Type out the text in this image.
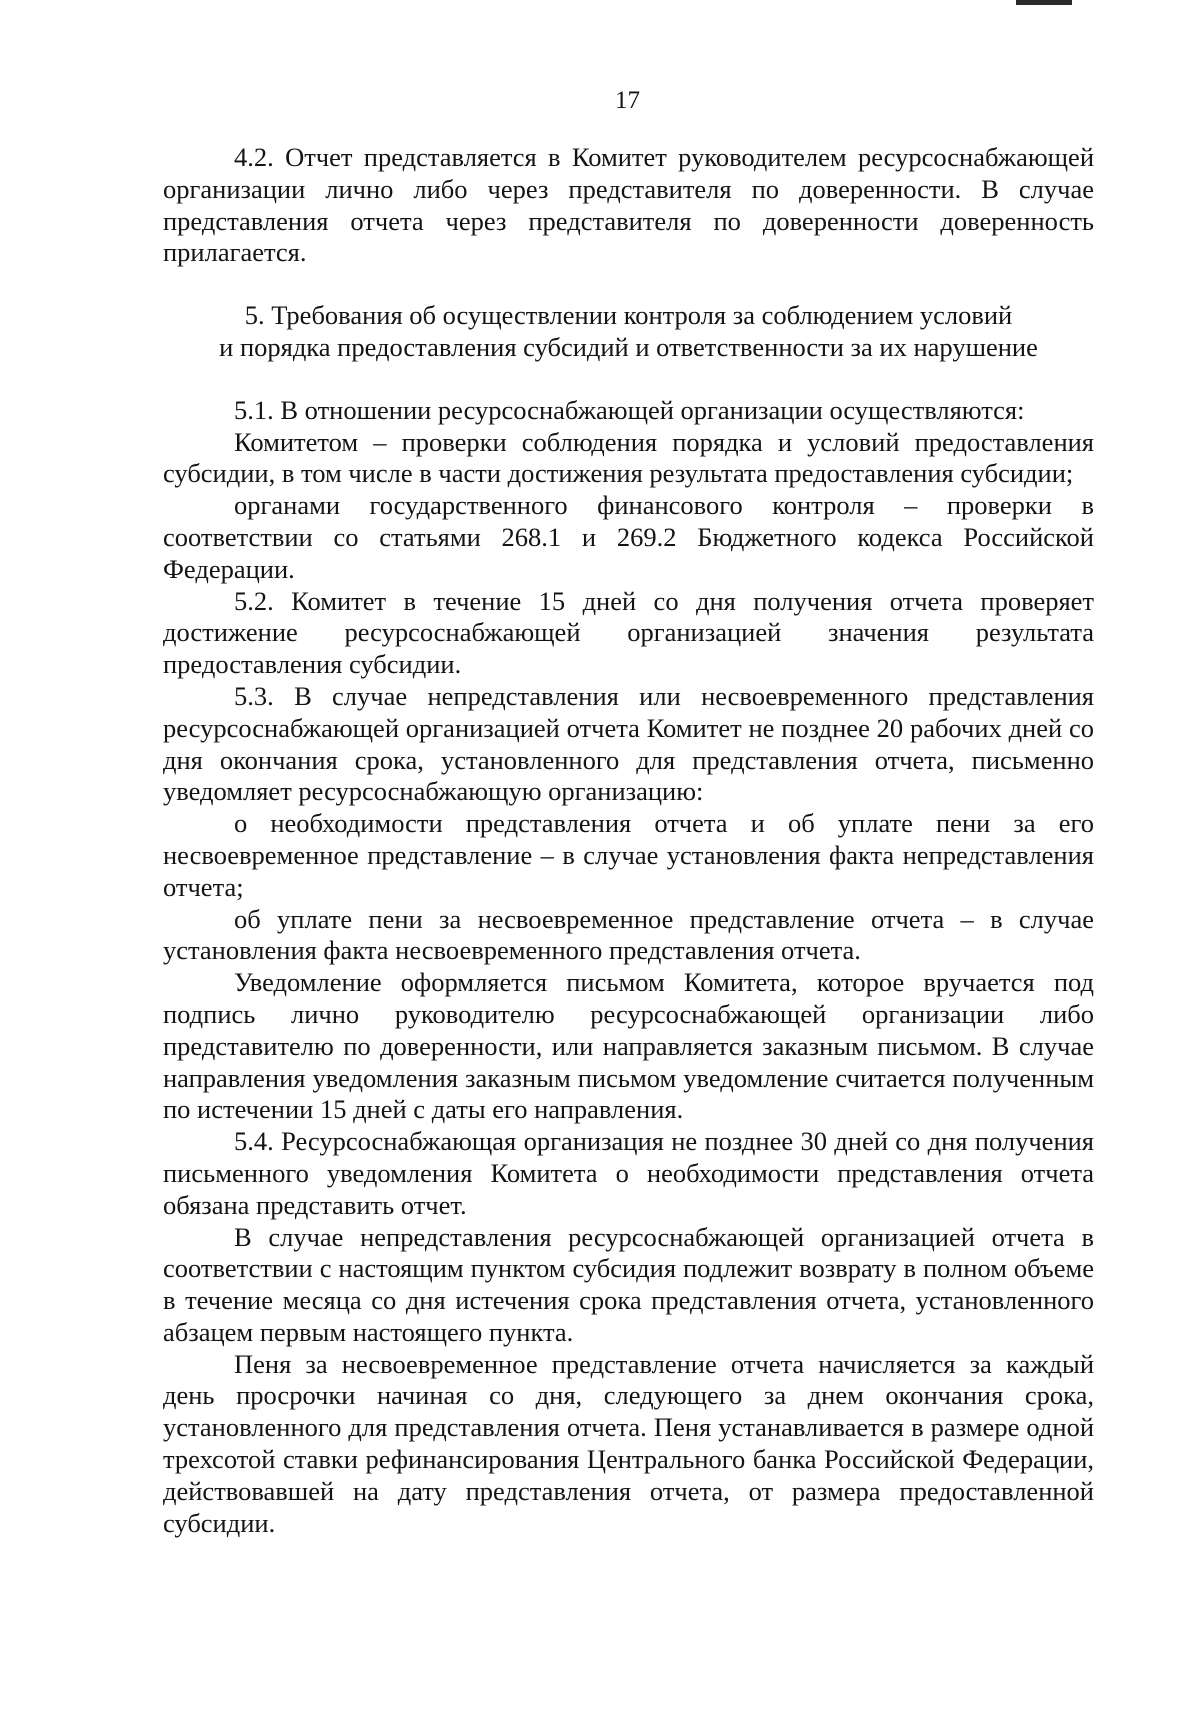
17

4.2. Отчет представляется в Комитет руководителем ресурсоснабжающей организации лично либо через представителя по доверенности. В случае представления отчета через представителя по доверенности доверенность прилагается.

5. Требования об осуществлении контроля за соблюдением условий
и порядка предоставления субсидий и ответственности за их нарушение

5.1. В отношении ресурсоснабжающей организации осуществляются:

Комитетом – проверки соблюдения порядка и условий предоставления субсидии, в том числе в части достижения результата предоставления субсидии;

органами государственного финансового контроля – проверки в соответствии со статьями 268.1 и 269.2 Бюджетного кодекса Российской Федерации.

5.2. Комитет в течение 15 дней со дня получения отчета проверяет достижение ресурсоснабжающей организацией значения результата предоставления субсидии.

5.3. В случае непредставления или несвоевременного представления ресурсоснабжающей организацией отчета Комитет не позднее 20 рабочих дней со дня окончания срока, установленного для представления отчета, письменно уведомляет ресурсоснабжающую организацию:

о необходимости представления отчета и об уплате пени за его несвоевременное представление – в случае установления факта непредставления отчета;

об уплате пени за несвоевременное представление отчета – в случае установления факта несвоевременного представления отчета.

Уведомление оформляется письмом Комитета, которое вручается под подпись лично руководителю ресурсоснабжающей организации либо представителю по доверенности, или направляется заказным письмом. В случае направления уведомления заказным письмом уведомление считается полученным по истечении 15 дней с даты его направления.

5.4. Ресурсоснабжающая организация не позднее 30 дней со дня получения письменного уведомления Комитета о необходимости представления отчета обязана представить отчет.

В случае непредставления ресурсоснабжающей организацией отчета в соответствии с настоящим пунктом субсидия подлежит возврату в полном объеме в течение месяца со дня истечения срока представления отчета, установленного абзацем первым настоящего пункта.

Пеня за несвоевременное представление отчета начисляется за каждый день просрочки начиная со дня, следующего за днем окончания срока, установленного для представления отчета. Пеня устанавливается в размере одной трехсотой ставки рефинансирования Центрального банка Российской Федерации, действовавшей на дату представления отчета, от размера предоставленной субсидии.
